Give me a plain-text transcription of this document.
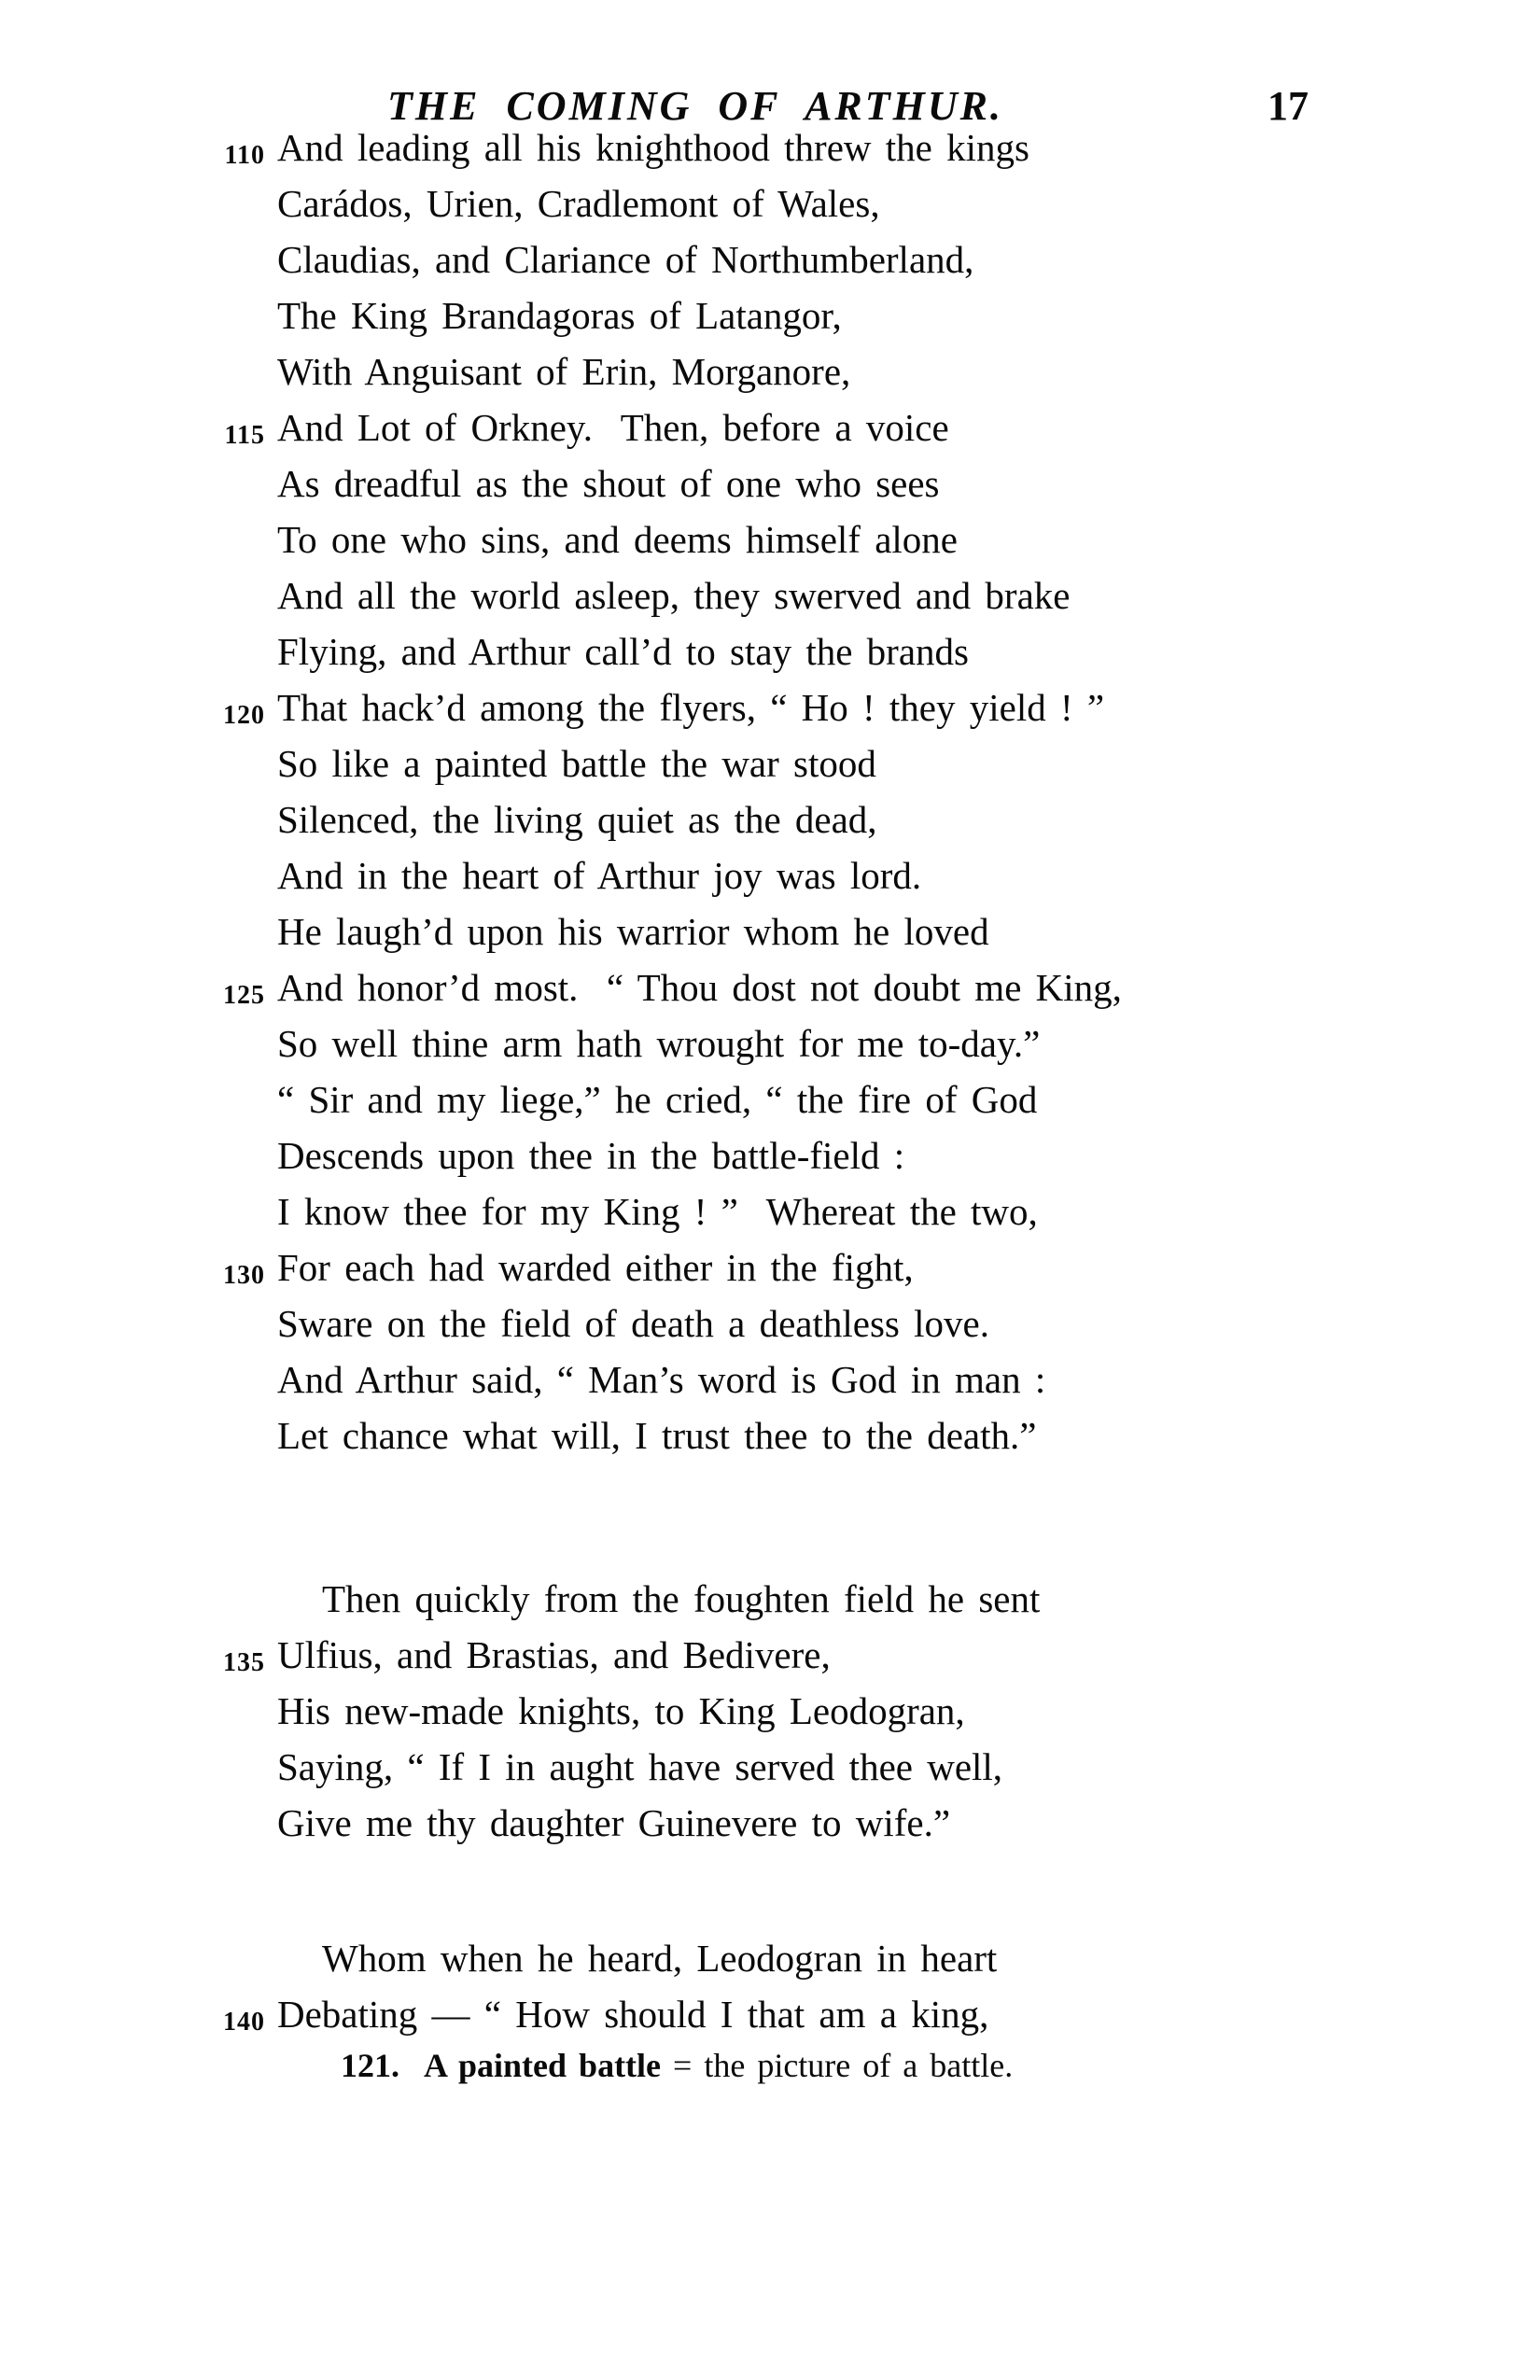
THE COMING OF ARTHUR.	17
110 And leading all his knighthood threw the kings
Carádos, Urien, Cradlemont of Wales,
Claudias, and Clariance of Northumberland,
The King Brandagoras of Latangor,
With Anguisant of Erin, Morganore,
115 And Lot of Orkney.  Then, before a voice
As dreadful as the shout of one who sees
To one who sins, and deems himself alone
And all the world asleep, they swerved and brake
Flying, and Arthur call’d to stay the brands
120 That hack’d among the flyers, “ Ho ! they yield ! ”
So like a painted battle the war stood
Silenced, the living quiet as the dead,
And in the heart of Arthur joy was lord.
He laugh’d upon his warrior whom he loved
125 And honor’d most.  “ Thou dost not doubt me King,
So well thine arm hath wrought for me to-day.”
“ Sir and my liege,” he cried, “ the fire of God
Descends upon thee in the battle-field :
I know thee for my King ! ”  Whereat the two,
130 For each had warded either in the fight,
Sware on the field of death a deathless love.
And Arthur said, “ Man’s word is God in man :
Let chance what will, I trust thee to the death.”
Then quickly from the foughten field he sent
135 Ulfius, and Brastias, and Bedivere,
His new-made knights, to King Leodogran,
Saying, “ If I in aught have served thee well,
Give me thy daughter Guinevere to wife.”
Whom when he heard, Leodogran in heart
140 Debating — “ How should I that am a king,
121. A painted battle = the picture of a battle.
